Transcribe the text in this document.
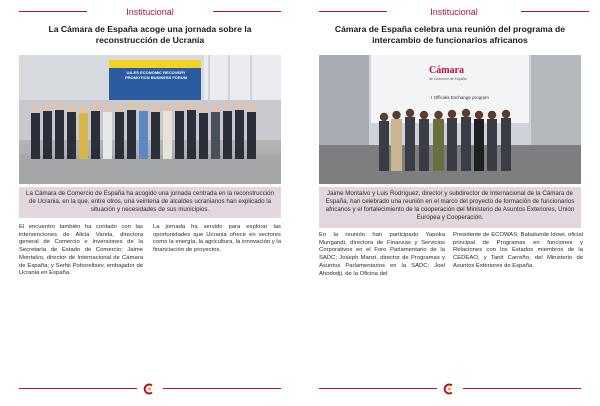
Institucional
La Cámara de España acoge una jornada sobre la reconstrucción de Ucrania
UA-ES ECONOMIC RECOVERY PROMOTION BUSINESS FORUM
La Cámara de Comercio de España ha acogido una jornada centrada en la reconstrucción de Ucrania, en la que, entre otros, una veintena de alcaldes ucranianos han explicado la situación y necesidades de sus municipios.
El encuentro también ha contado con las intervenciones de Alicia Varela, directora general de Comercio e Inversiones de la Secretaría de Estado de Comercio; Jaime Montalvo, director de Internacional de Cámara de España; y Serhii Pohoreltsev, embajador de Ucrania en España.
La jornada ha servido para explorar las oportunidades que Ucrania ofrece en sectores como la energía, la agricultura, la innovación y la financiación de proyectos.
Institucional
Cámara de España celebra una reunión del programa de intercambio de funcionarios africanos
Cámara
de Comercio de España
I Officials Exchange program
Jaime Montalvo y Luis Rodríguez, director y subdirector de Internacional de la Cámara de España, han celebrado una reunión en el marco del proyecto de formación de funcionarios africanos y el fortalecimiento de la cooperación del Ministerio de Asuntos Exteriores, Unión Europea y Cooperación.
En la reunión han participado Yapoka Mungandi, directora de Finanzas y Servicios Corporativos en el Foro Parlamentario de la SADC; Joseph Manzi, director de Programas y Asuntos Parlamentarios en la SADC; Joel Ahododji, de la Oficina del
Presidente de ECOWAS; Babatunde Idowi, oficial principal de Programas en funciones y Relaciones con los Estados miembros de la CEDEAO, y Tanit Carreño, del Ministerio de Asuntos Exteriores de España.
